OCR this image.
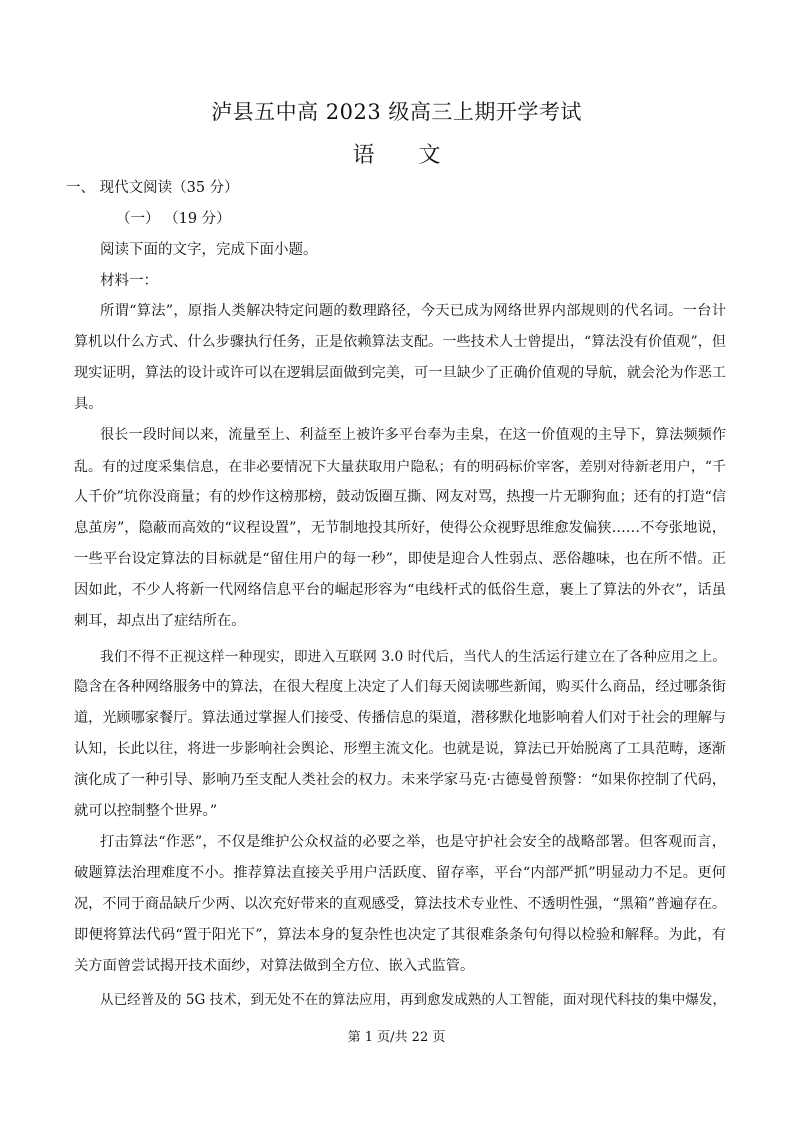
泸县五中高 2023 级高三上期开学考试
语　　文

一、 现代文阅读（35 分）

（一） （19 分）

阅读下面的文字，完成下面小题。

材料一：

所谓“算法”，原指人类解决特定问题的数理路径，今天已成为网络世界内部规则的代名词。一台计

算机以什么方式、什么步骤执行任务，正是依赖算法支配。一些技术人士曾提出，“算法没有价值观”，但

现实证明，算法的设计或许可以在逻辑层面做到完美，可一旦缺少了正确价值观的导航，就会沦为作恶工

具。

很长一段时间以来，流量至上、利益至上被许多平台奉为圭臬，在这一价值观的主导下，算法频频作

乱。有的过度采集信息，在非必要情况下大量获取用户隐私；有的明码标价宰客，差别对待新老用户，“千

人千价”坑你没商量；有的炒作这榜那榜，鼓动饭圈互撕、网友对骂，热搜一片无聊狗血；还有的打造“信

息茧房”，隐蔽而高效的“议程设置”，无节制地投其所好，使得公众视野思维愈发偏狭……不夸张地说，

一些平台设定算法的目标就是“留住用户的每一秒”，即使是迎合人性弱点、恶俗趣味，也在所不惜。正

因如此，不少人将新一代网络信息平台的崛起形容为“电线杆式的低俗生意，裹上了算法的外衣”，话虽

刺耳，却点出了症结所在。

我们不得不正视这样一种现实，即进入互联网 3.0 时代后，当代人的生活运行建立在了各种应用之上。

隐含在各种网络服务中的算法，在很大程度上决定了人们每天阅读哪些新闻，购买什么商品，经过哪条街

道，光顾哪家餐厅。算法通过掌握人们接受、传播信息的渠道，潜移默化地影响着人们对于社会的理解与

认知，长此以往，将进一步影响社会舆论、形塑主流文化。也就是说，算法已开始脱离了工具范畴，逐渐

演化成了一种引导、影响乃至支配人类社会的权力。未来学家马克·古德曼曾预警：“如果你控制了代码，

就可以控制整个世界。”

打击算法“作恶”，不仅是维护公众权益的必要之举，也是守护社会安全的战略部署。但客观而言，

破题算法治理难度不小。推荐算法直接关乎用户活跃度、留存率，平台“内部严抓”明显动力不足。更何

况，不同于商品缺斤少两、以次充好带来的直观感受，算法技术专业性、不透明性强，“黑箱”普遍存在。

即便将算法代码“置于阳光下”，算法本身的复杂性也决定了其很难条条句句得以检验和解释。为此，有

关方面曾尝试揭开技术面纱，对算法做到全方位、嵌入式监管。

从已经普及的 5G 技术，到无处不在的算法应用，再到愈发成熟的人工智能，面对现代科技的集中爆发，

第 1 页/共 22 页
